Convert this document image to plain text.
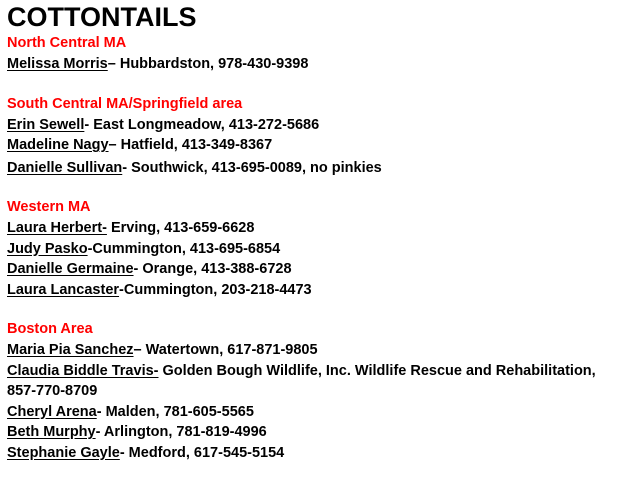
COTTONTAILS

North Central MA

Melissa Morris– Hubbardston, 978-430-9398

South Central MA/Springfield area

Erin Sewell- East Longmeadow, 413-272-5686

Madeline Nagy– Hatfield, 413-349-8367

Danielle Sullivan- Southwick, 413-695-0089, no pinkies

Western MA

Laura Herbert- Erving, 413-659-6628

Judy Pasko-Cummington, 413-695-6854

Danielle Germaine- Orange, 413-388-6728

Laura Lancaster-Cummington, 203-218-4473

Boston Area

Maria Pia Sanchez– Watertown, 617-871-9805

Claudia Biddle Travis- Golden Bough Wildlife, Inc. Wildlife Rescue and Rehabilitation, 857-770-8709

Cheryl Arena- Malden, 781-605-5565

Beth Murphy- Arlington, 781-819-4996

Stephanie Gayle- Medford, 617-545-5154
